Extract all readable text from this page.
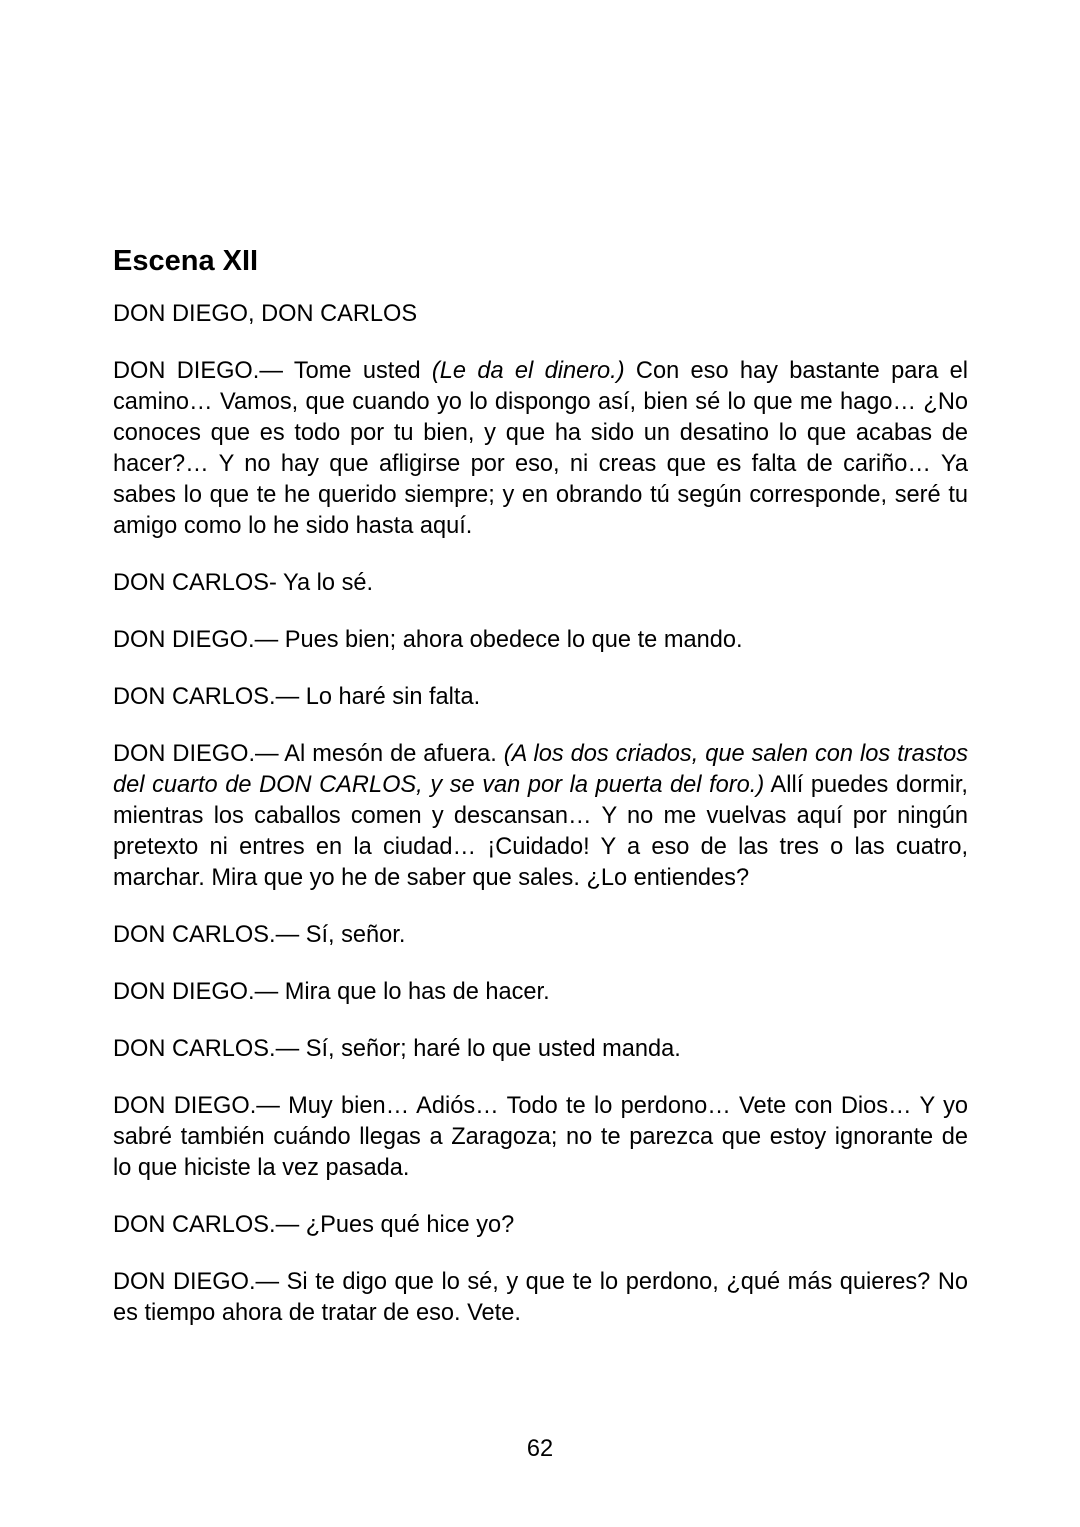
Escena XII

DON DIEGO, DON CARLOS

DON DIEGO.— Tome usted (Le da el dinero.) Con eso hay bastante para el camino… Vamos, que cuando yo lo dispongo así, bien sé lo que me hago… ¿No conoces que es todo por tu bien, y que ha sido un desatino lo que acabas de hacer?… Y no hay que afligirse por eso, ni creas que es falta de cariño… Ya sabes lo que te he querido siempre; y en obrando tú según corresponde, seré tu amigo como lo he sido hasta aquí.

DON CARLOS- Ya lo sé.

DON DIEGO.— Pues bien; ahora obedece lo que te mando.

DON CARLOS.— Lo haré sin falta.

DON DIEGO.— Al mesón de afuera. (A los dos criados, que salen con los trastos del cuarto de DON CARLOS, y se van por la puerta del foro.) Allí puedes dormir, mientras los caballos comen y descansan… Y no me vuelvas aquí por ningún pretexto ni entres en la ciudad… ¡Cuidado! Y a eso de las tres o las cuatro, marchar. Mira que yo he de saber que sales. ¿Lo entiendes?

DON CARLOS.— Sí, señor.

DON DIEGO.— Mira que lo has de hacer.

DON CARLOS.— Sí, señor; haré lo que usted manda.

DON DIEGO.— Muy bien… Adiós… Todo te lo perdono… Vete con Dios… Y yo sabré también cuándo llegas a Zaragoza; no te parezca que estoy ignorante de lo que hiciste la vez pasada.

DON CARLOS.— ¿Pues qué hice yo?

DON DIEGO.— Si te digo que lo sé, y que te lo perdono, ¿qué más quieres? No es tiempo ahora de tratar de eso. Vete.

62
